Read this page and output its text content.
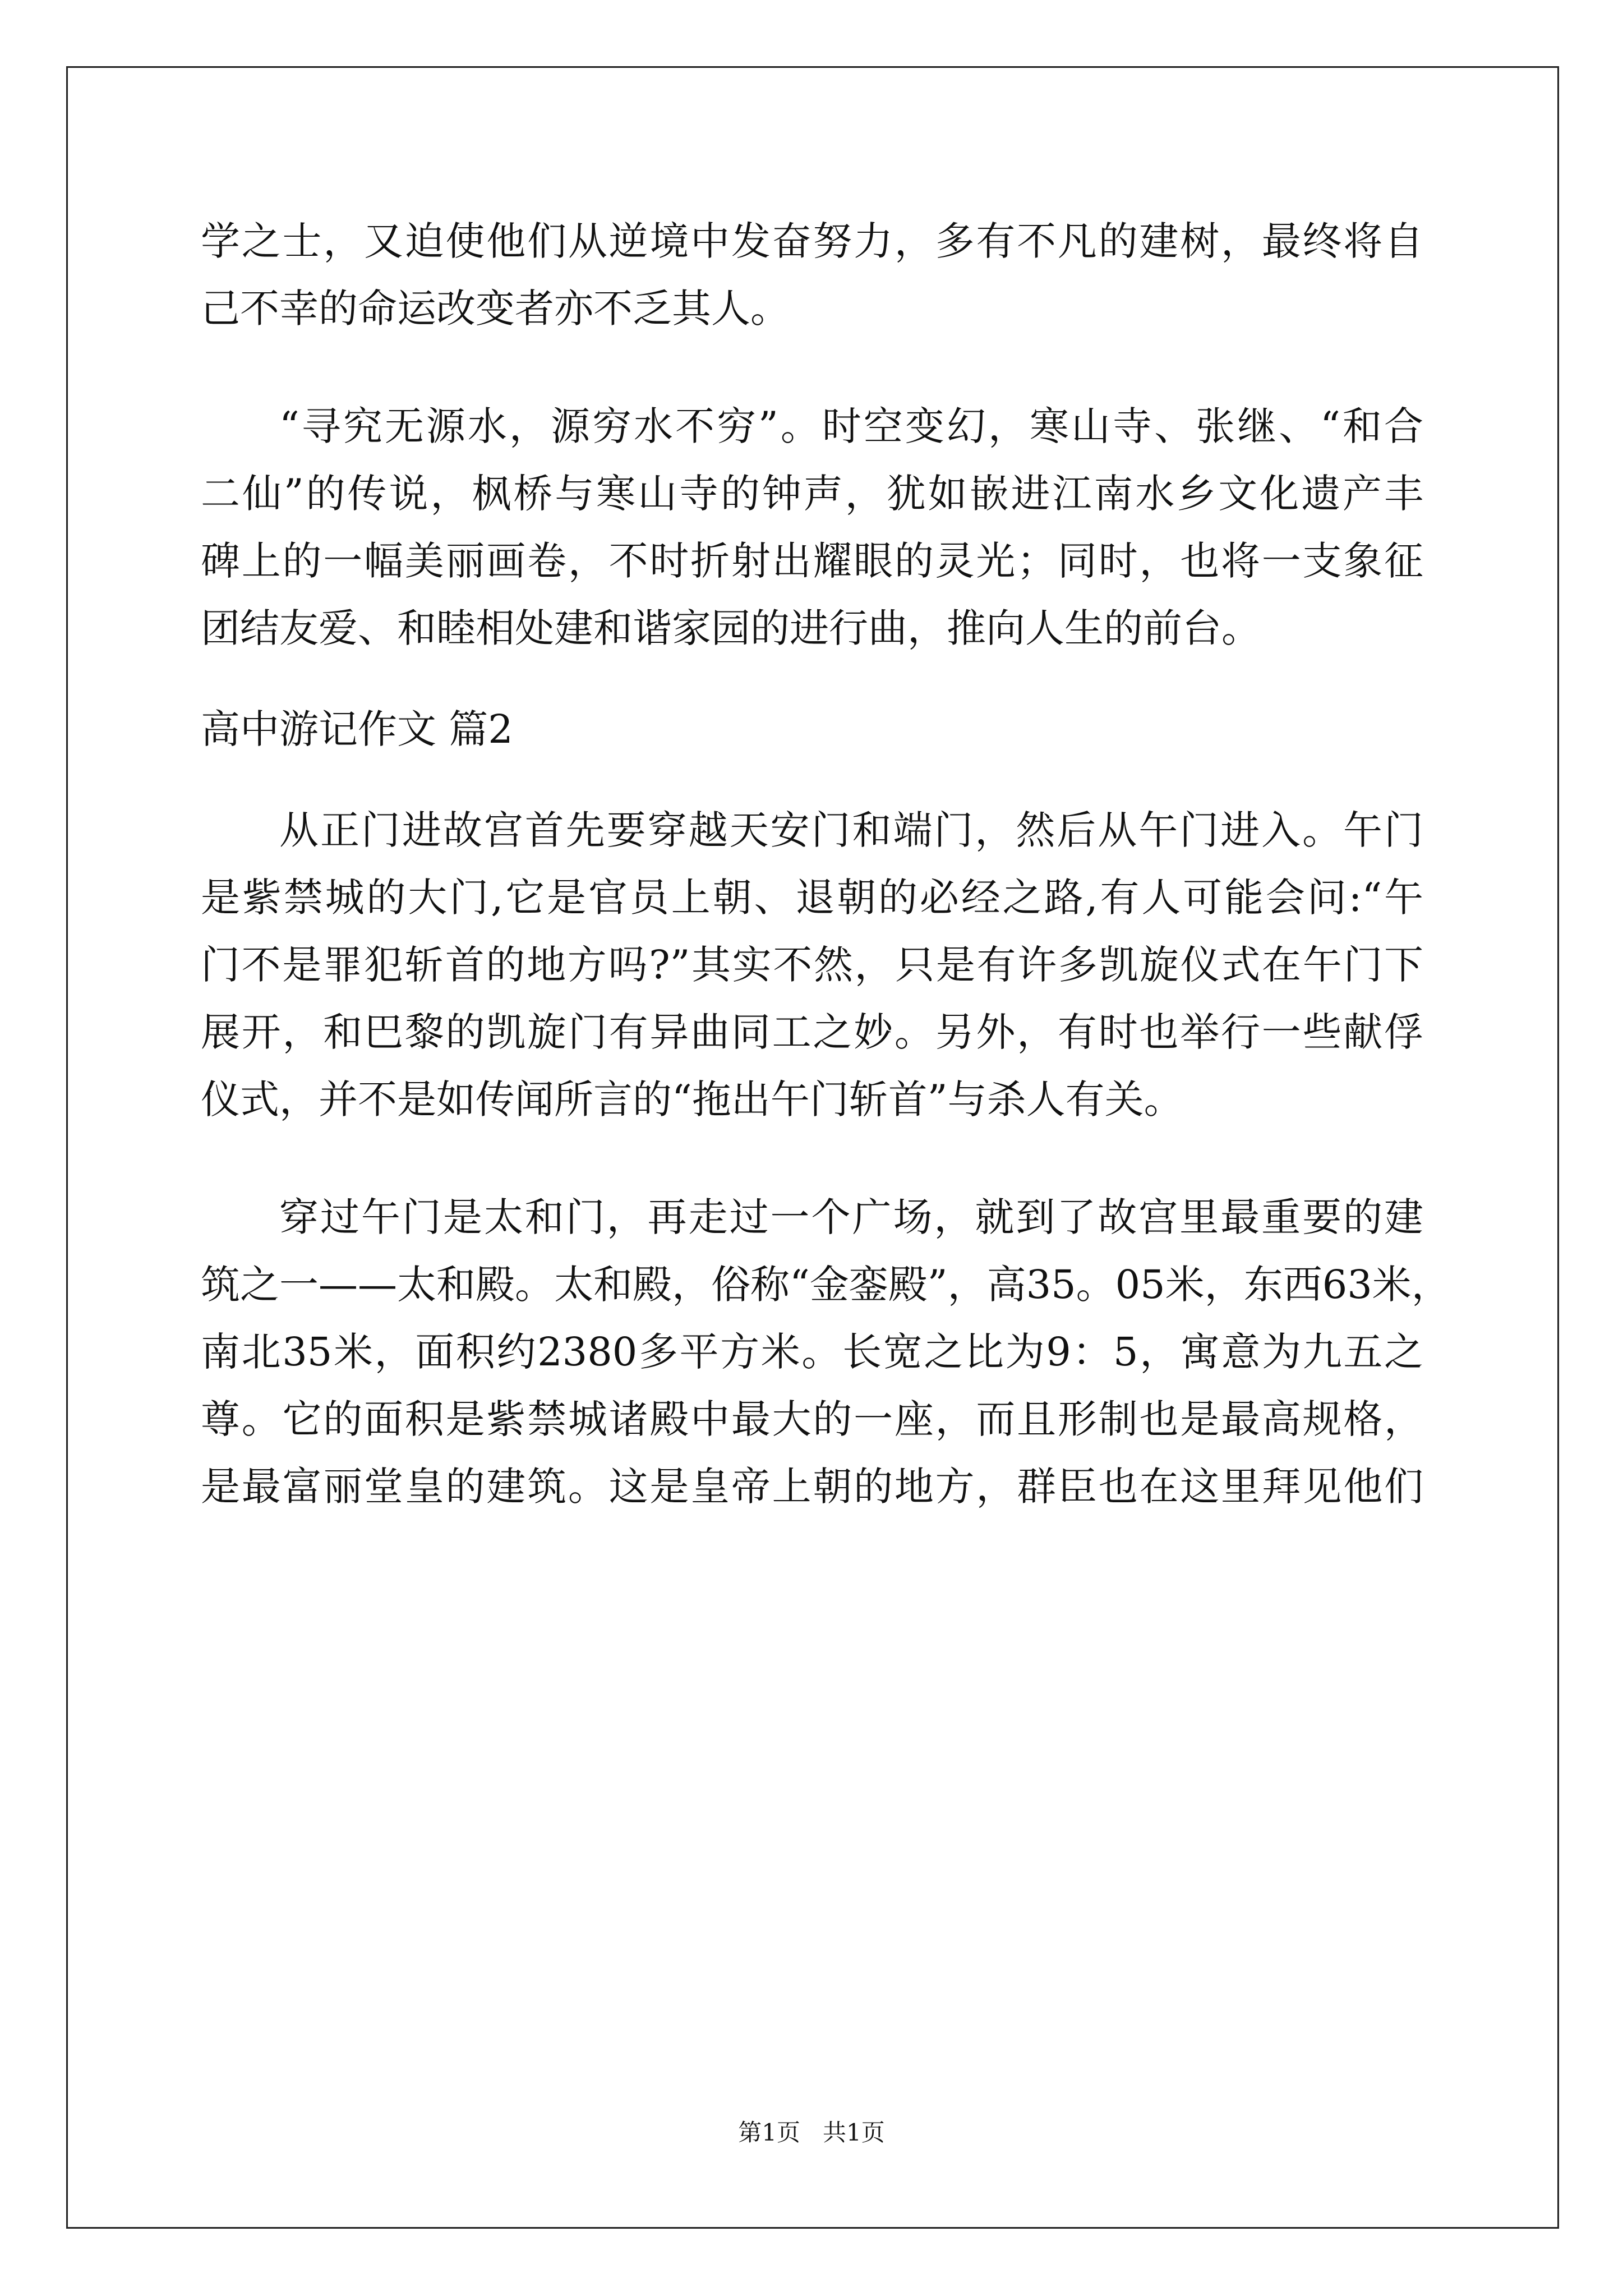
学之士，又迫使他们从逆境中发奋努力，多有不凡的建树，最终将自

己不幸的命运改变者亦不乏其人。

“寻究无源水，源穷水不穷”。时空变幻，寒山寺、张继、“和合

二仙”的传说，枫桥与寒山寺的钟声，犹如嵌进江南水乡文化遗产丰

碑上的一幅美丽画卷，不时折射出耀眼的灵光；同时，也将一支象征

团结友爱、和睦相处建和谐家园的进行曲，推向人生的前台。

高中游记作文 篇2

从正门进故宫首先要穿越天安门和端门，然后从午门进入。午门

是紫禁城的大门,它是官员上朝、退朝的必经之路,有人可能会问:“午

门不是罪犯斩首的地方吗?”其实不然，只是有许多凯旋仪式在午门下

展开，和巴黎的凯旋门有异曲同工之妙。另外，有时也举行一些献俘

仪式，并不是如传闻所言的“拖出午门斩首”与杀人有关。

穿过午门是太和门，再走过一个广场，就到了故宫里最重要的建

筑之一——太和殿。太和殿，俗称“金銮殿”，高35。05米，东西63米，

南北35米，面积约2380多平方米。长宽之比为9：5，寓意为九五之

尊。它的面积是紫禁城诸殿中最大的一座，而且形制也是最高规格，

是最富丽堂皇的建筑。这是皇帝上朝的地方，群臣也在这里拜见他们

第1页   共1页
